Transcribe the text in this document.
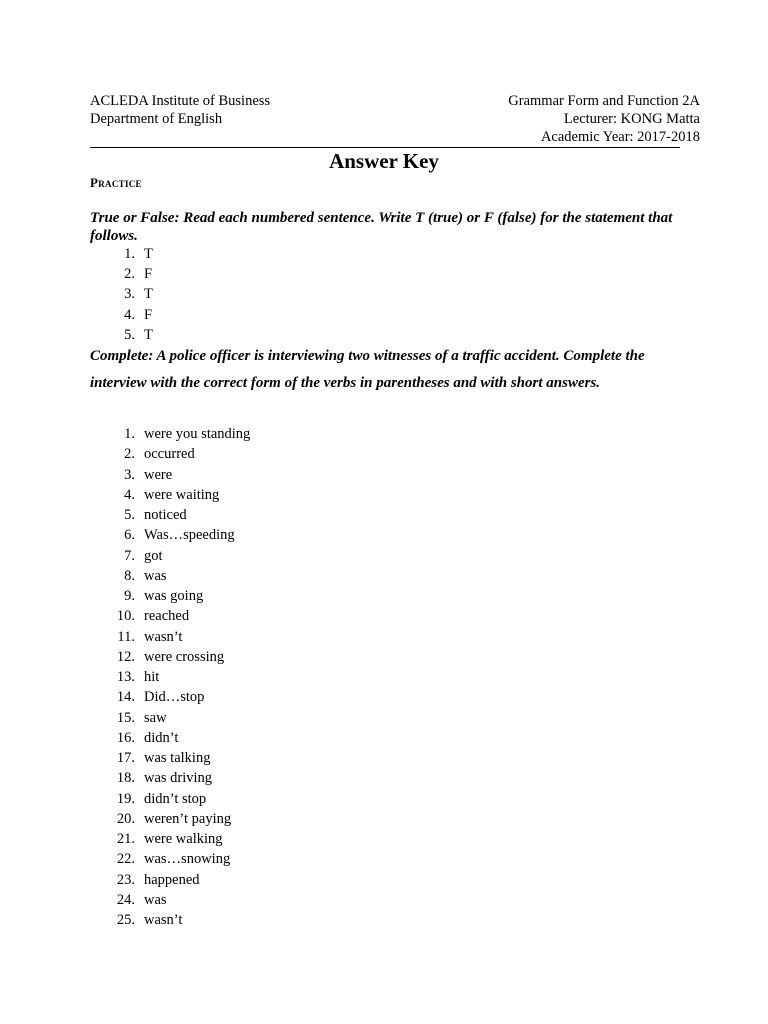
ACLEDA Institute of Business
Department of English
Grammar Form and Function 2A
Lecturer: KONG Matta
Academic Year: 2017-2018
Answer Key
Practice
True or False: Read each numbered sentence. Write T (true) or F (false) for the statement that follows.
1. T
2. F
3. T
4. F
5. T
Complete: A police officer is interviewing two witnesses of a traffic accident. Complete the interview with the correct form of the verbs in parentheses and with short answers.
1. were you standing
2. occurred
3. were
4. were waiting
5. noticed
6. Was…speeding
7. got
8. was
9. was going
10. reached
11. wasn’t
12. were crossing
13. hit
14. Did…stop
15. saw
16. didn’t
17. was talking
18. was driving
19. didn’t stop
20. weren’t paying
21. were walking
22. was…snowing
23. happened
24. was
25. wasn’t
